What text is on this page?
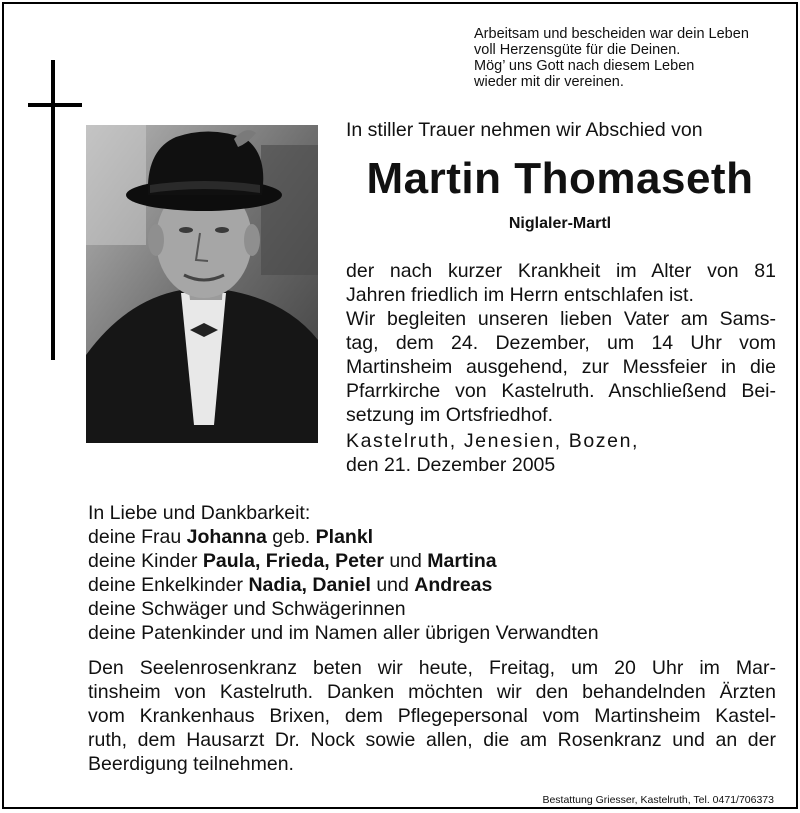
Arbeitsam und bescheiden war dein Leben
voll Herzensgüte für die Deinen.
Mög’ uns Gott nach diesem Leben
wieder mit dir vereinen.
In stiller Trauer nehmen wir Abschied von
Martin Thomaseth
Niglaler-Martl
der nach kurzer Krankheit im Alter von 81
Jahren friedlich im Herrn entschlafen ist.
Wir begleiten unseren lieben Vater am Sams-
tag, dem 24. Dezember, um 14 Uhr vom
Martinsheim ausgehend, zur Messfeier in die
Pfarrkirche von Kastelruth. Anschließend Bei-
setzung im Ortsfriedhof.
Kastelruth, Jenesien, Bozen,
den 21. Dezember 2005
In Liebe und Dankbarkeit:
deine Frau Johanna geb. Plankl
deine Kinder Paula, Frieda, Peter und Martina
deine Enkelkinder Nadia, Daniel und Andreas
deine Schwäger und Schwägerinnen
deine Patenkinder und im Namen aller übrigen Verwandten
Den Seelenrosenkranz beten wir heute, Freitag, um 20 Uhr im Mar-
tinsheim von Kastelruth. Danken möchten wir den behandelnden Ärzten
vom Krankenhaus Brixen, dem Pflegepersonal vom Martinsheim Kastel-
ruth, dem Hausarzt Dr. Nock sowie allen, die am Rosenkranz und an der
Beerdigung teilnehmen.
Bestattung Griesser, Kastelruth, Tel. 0471/706373
